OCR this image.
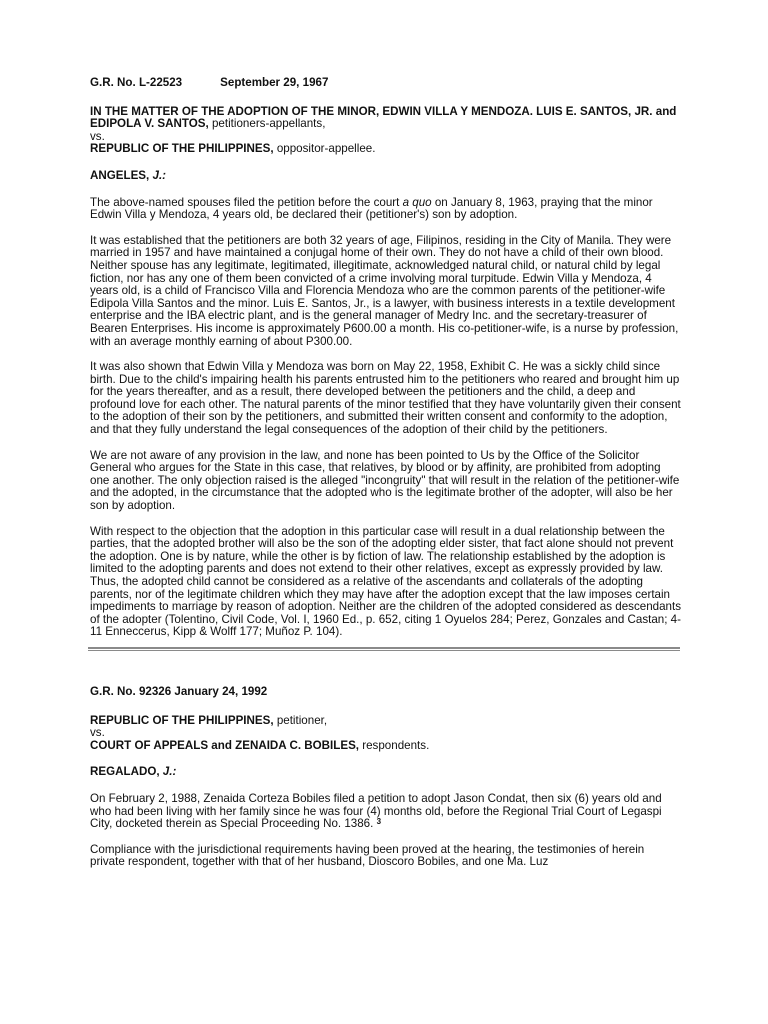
G.R. No. L-22523	September 29, 1967

IN THE MATTER OF THE ADOPTION OF THE MINOR, EDWIN VILLA Y MENDOZA. LUIS E. SANTOS, JR. and EDIPOLA V. SANTOS, petitioners-appellants,

vs.

REPUBLIC OF THE PHILIPPINES, oppositor-appellee.

ANGELES, J.:

The above-named spouses filed the petition before the court a quo on January 8, 1963, praying that the minor Edwin Villa y Mendoza, 4 years old, be declared their (petitioner's) son by adoption.

It was established that the petitioners are both 32 years of age, Filipinos, residing in the City of Manila. They were married in 1957 and have maintained a conjugal home of their own. They do not have a child of their own blood. Neither spouse has any legitimate, legitimated, illegitimate, acknowledged natural child, or natural child by legal fiction, nor has any one of them been convicted of a crime involving moral turpitude. Edwin Villa y Mendoza, 4 years old, is a child of Francisco Villa and Florencia Mendoza who are the common parents of the petitioner-wife Edipola Villa Santos and the minor. Luis E. Santos, Jr., is a lawyer, with business interests in a textile development enterprise and the IBA electric plant, and is the general manager of Medry Inc. and the secretary-treasurer of Bearen Enterprises. His income is approximately P600.00 a month. His co-petitioner-wife, is a nurse by profession, with an average monthly earning of about P300.00.

It was also shown that Edwin Villa y Mendoza was born on May 22, 1958, Exhibit C. He was a sickly child since birth. Due to the child's impairing health his parents entrusted him to the petitioners who reared and brought him up for the years thereafter, and as a result, there developed between the petitioners and the child, a deep and profound love for each other. The natural parents of the minor testified that they have voluntarily given their consent to the adoption of their son by the petitioners, and submitted their written consent and conformity to the adoption, and that they fully understand the legal consequences of the adoption of their child by the petitioners.

We are not aware of any provision in the law, and none has been pointed to Us by the Office of the Solicitor General who argues for the State in this case, that relatives, by blood or by affinity, are prohibited from adopting one another. The only objection raised is the alleged "incongruity" that will result in the relation of the petitioner-wife and the adopted, in the circumstance that the adopted who is the legitimate brother of the adopter, will also be her son by adoption.

With respect to the objection that the adoption in this particular case will result in a dual relationship between the parties, that the adopted brother will also be the son of the adopting elder sister, that fact alone should not prevent the adoption. One is by nature, while the other is by fiction of law. The relationship established by the adoption is limited to the adopting parents and does not extend to their other relatives, except as expressly provided by law. Thus, the adopted child cannot be considered as a relative of the ascendants and collaterals of the adopting parents, nor of the legitimate children which they may have after the adoption except that the law imposes certain impediments to marriage by reason of adoption. Neither are the children of the adopted considered as descendants of the adopter (Tolentino, Civil Code, Vol. I, 1960 Ed., p. 652, citing 1 Oyuelos 284; Perez, Gonzales and Castan; 4-11 Enneccerus, Kipp & Wolff 177; Muñoz P. 104).

G.R. No. 92326 January 24, 1992

REPUBLIC OF THE PHILIPPINES, petitioner,

vs.

COURT OF APPEALS and ZENAIDA C. BOBILES, respondents.

REGALADO, J.:

On February 2, 1988, Zenaida Corteza Bobiles filed a petition to adopt Jason Condat, then six (6) years old and who had been living with her family since he was four (4) months old, before the Regional Trial Court of Legaspi City, docketed therein as Special Proceeding No. 1386. $^3$

Compliance with the jurisdictional requirements having been proved at the hearing, the testimonies of herein private respondent, together with that of her husband, Dioscoro Bobiles, and one Ma. Luz
